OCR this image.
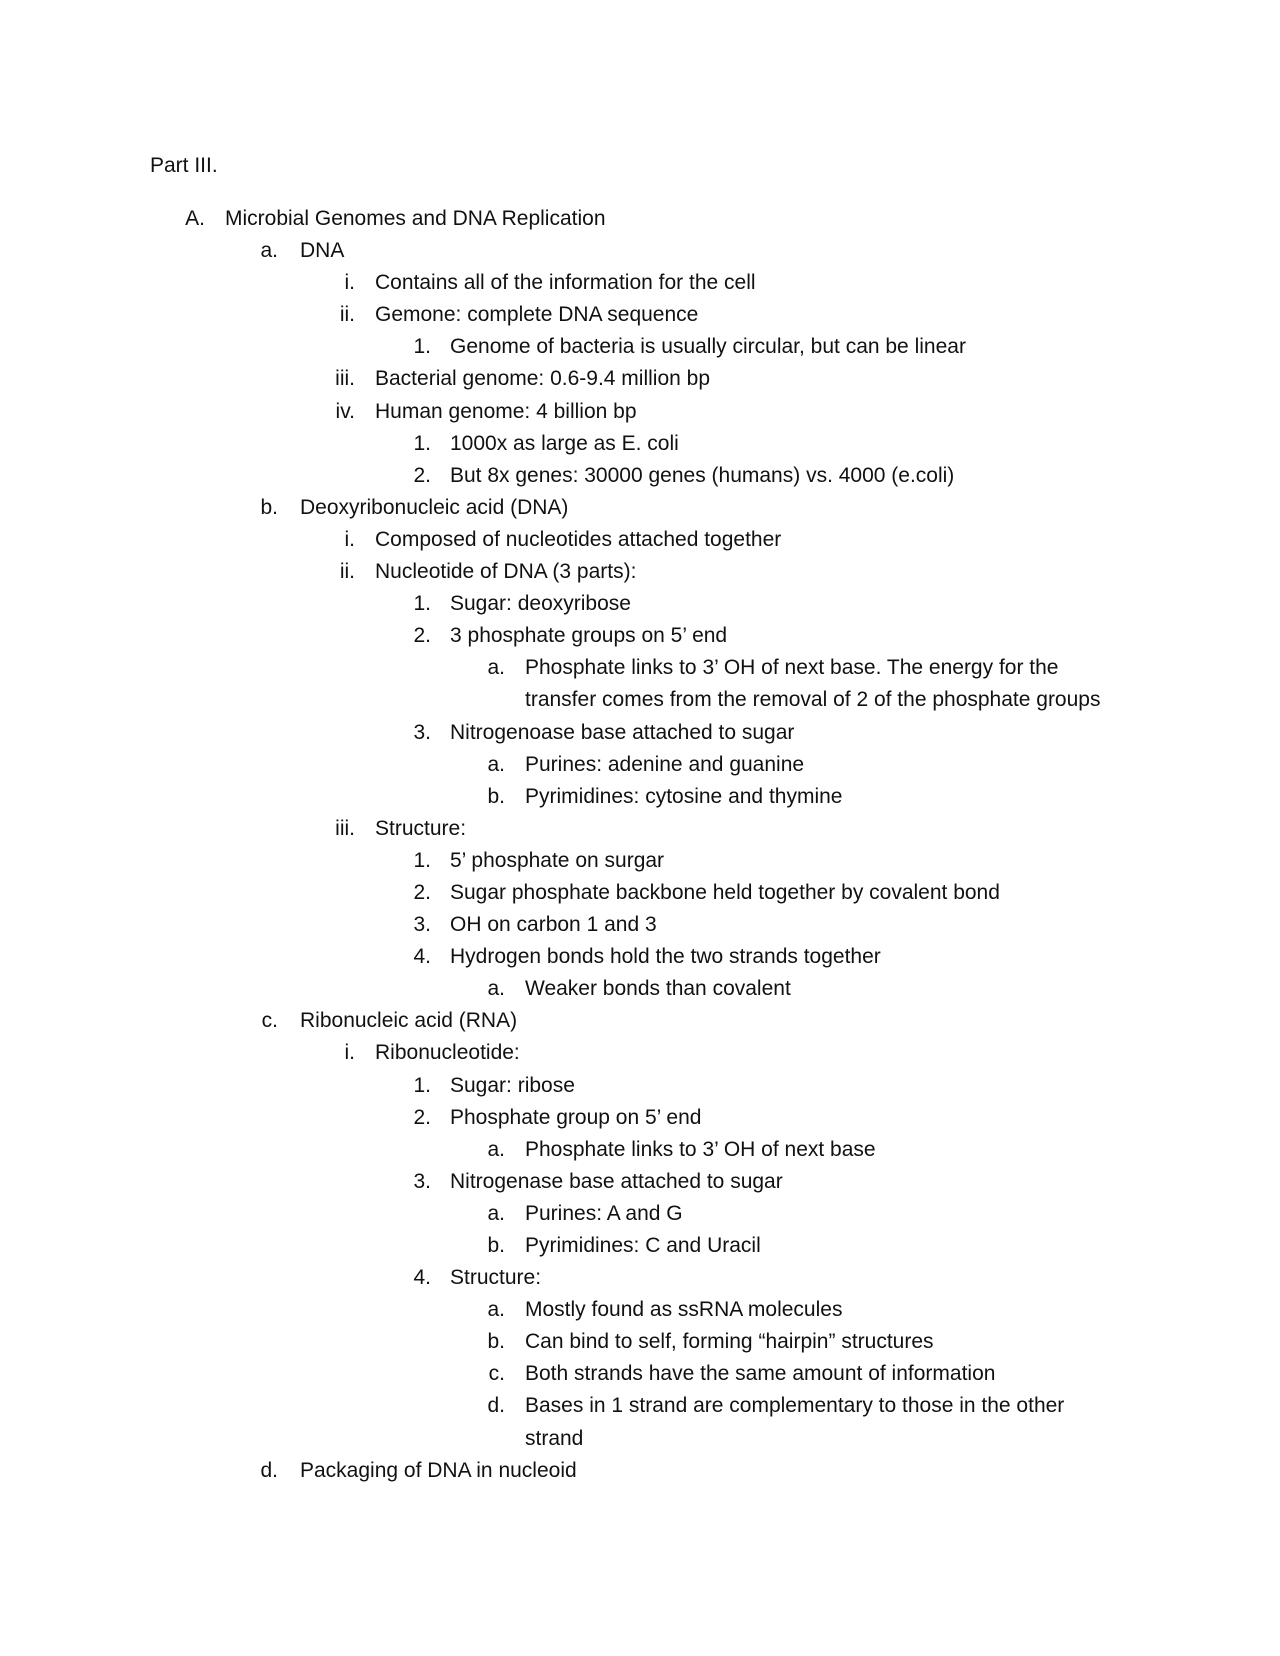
Part III.
A. Microbial Genomes and DNA Replication
a. DNA
i. Contains all of the information for the cell
ii. Gemone: complete DNA sequence
1. Genome of bacteria is usually circular, but can be linear
iii. Bacterial genome: 0.6-9.4 million bp
iv. Human genome: 4 billion bp
1. 1000x as large as E. coli
2. But 8x genes: 30000 genes (humans) vs. 4000 (e.coli)
b. Deoxyribonucleic acid (DNA)
i. Composed of nucleotides attached together
ii. Nucleotide of DNA (3 parts):
1. Sugar: deoxyribose
2. 3 phosphate groups on 5’ end
a. Phosphate links to 3’ OH of next base. The energy for the
transfer comes from the removal of 2 of the phosphate groups
3. Nitrogenoase base attached to sugar
a. Purines: adenine and guanine
b. Pyrimidines: cytosine and thymine
iii. Structure:
1. 5’ phosphate on surgar
2. Sugar phosphate backbone held together by covalent bond
3. OH on carbon 1 and 3
4. Hydrogen bonds hold the two strands together
a. Weaker bonds than covalent
c. Ribonucleic acid (RNA)
i. Ribonucleotide:
1. Sugar: ribose
2. Phosphate group on 5’ end
a. Phosphate links to 3’ OH of next base
3. Nitrogenase base attached to sugar
a. Purines: A and G
b. Pyrimidines: C and Uracil
4. Structure:
a. Mostly found as ssRNA molecules
b. Can bind to self, forming “hairpin” structures
c. Both strands have the same amount of information
d. Bases in 1 strand are complementary to those in the other
strand
d. Packaging of DNA in nucleoid
